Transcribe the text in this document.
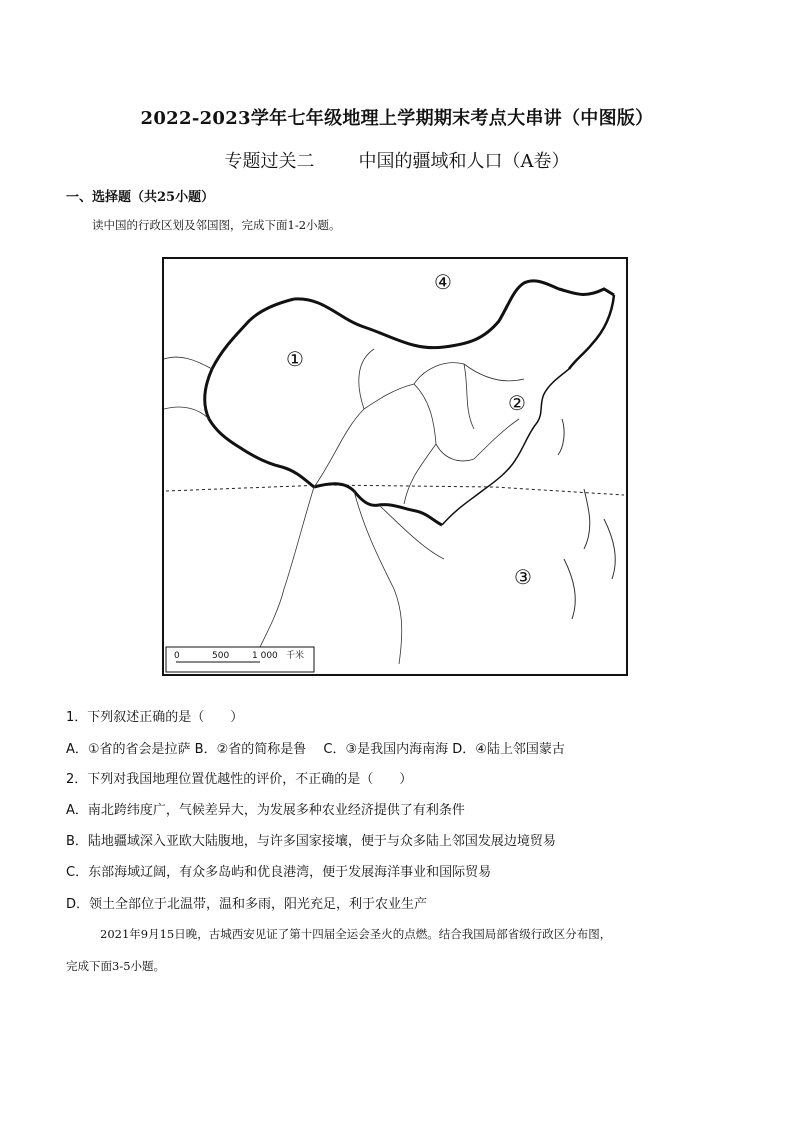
2022-2023学年七年级地理上学期期末考点大串讲（中图版）
专题过关二 中国的疆域和人口（A卷）
一、选择题（共25小题）
读中国的行政区划及邻国图，完成下面1-2小题。
①
②
③
④
0	500	1 000 千米
1．下列叙述正确的是（　　）
A．①省的省会是拉萨 B．②省的简称是鲁　 C．③是我国内海南海 D．④陆上邻国蒙古
2．下列对我国地理位置优越性的评价，不正确的是（　　）
A．南北跨纬度广，气候差异大，为发展多种农业经济提供了有利条件
B．陆地疆域深入亚欧大陆腹地，与许多国家接壤，便于与众多陆上邻国发展边境贸易
C．东部海域辽阔，有众多岛屿和优良港湾，便于发展海洋事业和国际贸易
D．领土全部位于北温带，温和多雨，阳光充足，利于农业生产
2021年9月15日晚，古城西安见证了第十四届全运会圣火的点燃。结合我国局部省级行政区分布图，
完成下面3-5小题。
